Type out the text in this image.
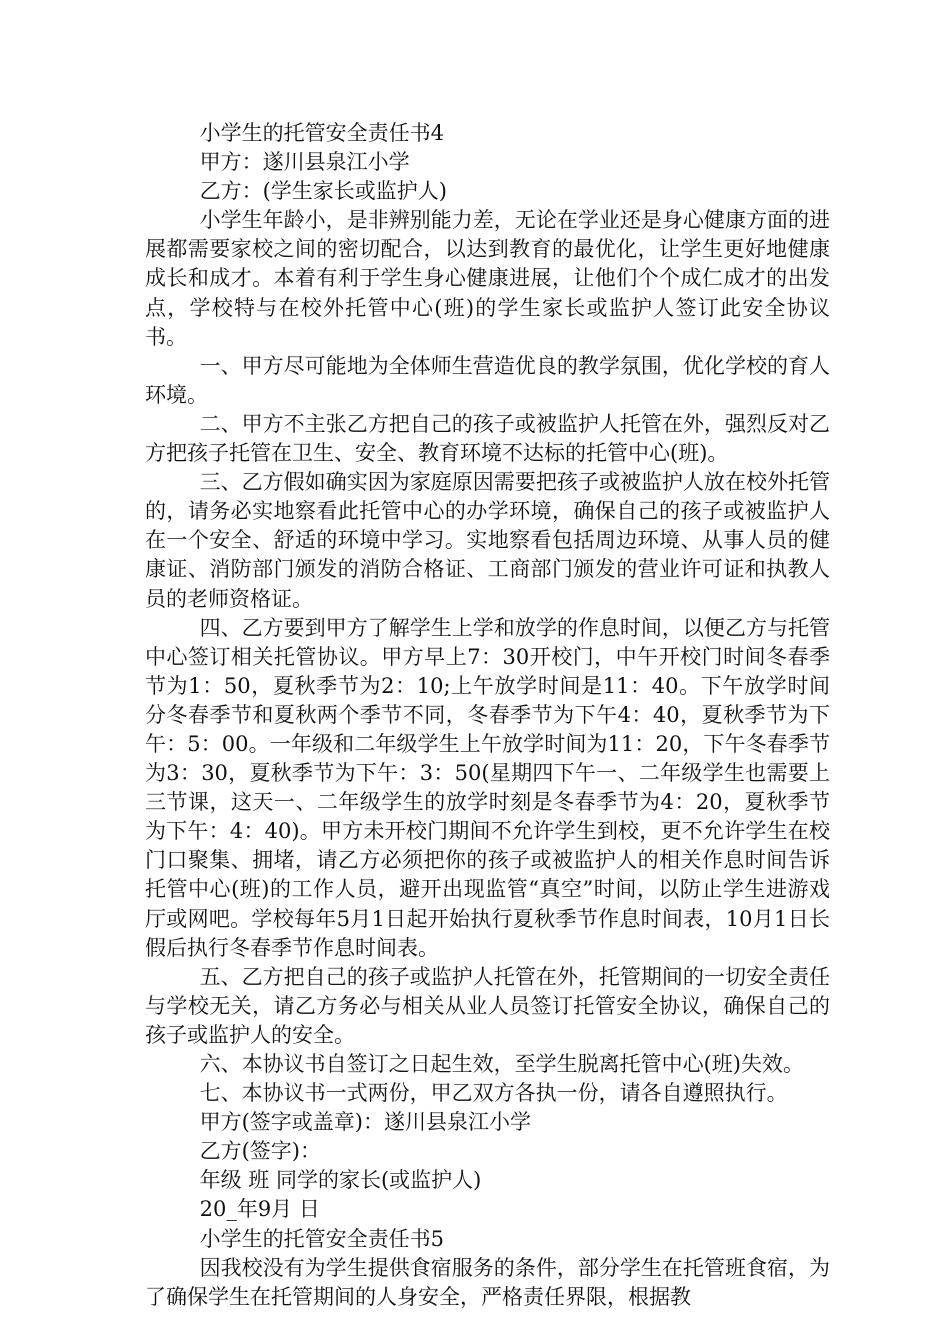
小学生的托管安全责任书4

甲方：遂川县泉江小学

乙方：(学生家长或监护人)

小学生年龄小，是非辨别能力差，无论在学业还是身心健康方面的进展都需要家校之间的密切配合，以达到教育的最优化，让学生更好地健康成长和成才。本着有利于学生身心健康进展，让他们个个成仁成才的出发点，学校特与在校外托管中心(班)的学生家长或监护人签订此安全协议书。

一、甲方尽可能地为全体师生营造优良的教学氛围，优化学校的育人环境。

二、甲方不主张乙方把自己的孩子或被监护人托管在外，强烈反对乙方把孩子托管在卫生、安全、教育环境不达标的托管中心(班)。

三、乙方假如确实因为家庭原因需要把孩子或被监护人放在校外托管的，请务必实地察看此托管中心的办学环境，确保自己的孩子或被监护人在一个安全、舒适的环境中学习。实地察看包括周边环境、从事人员的健康证、消防部门颁发的消防合格证、工商部门颁发的营业许可证和执教人员的老师资格证。

四、乙方要到甲方了解学生上学和放学的作息时间，以便乙方与托管中心签订相关托管协议。甲方早上7：30开校门，中午开校门时间冬春季节为1：50，夏秋季节为2：10;上午放学时间是11：40。下午放学时间分冬春季节和夏秋两个季节不同，冬春季节为下午4：40，夏秋季节为下午：5：00。一年级和二年级学生上午放学时间为11：20，下午冬春季节为3：30，夏秋季节为下午：3：50(星期四下午一、二年级学生也需要上三节课，这天一、二年级学生的放学时刻是冬春季节为4：20，夏秋季节为下午：4：40)。甲方未开校门期间不允许学生到校，更不允许学生在校门口聚集、拥堵，请乙方必须把你的孩子或被监护人的相关作息时间告诉托管中心(班)的工作人员，避开出现监管“真空”时间，以防止学生进游戏厅或网吧。学校每年5月1日起开始执行夏秋季节作息时间表，10月1日长假后执行冬春季节作息时间表。

五、乙方把自己的孩子或监护人托管在外，托管期间的一切安全责任与学校无关，请乙方务必与相关从业人员签订托管安全协议，确保自己的孩子或监护人的安全。

六、本协议书自签订之日起生效，至学生脱离托管中心(班)失效。

七、本协议书一式两份，甲乙双方各执一份，请各自遵照执行。

甲方(签字或盖章)：遂川县泉江小学

乙方(签字)：

年级 班 同学的家长(或监护人)

20_年9月 日

小学生的托管安全责任书5

因我校没有为学生提供食宿服务的条件，部分学生在托管班食宿，为了确保学生在托管期间的人身安全，严格责任界限，根据教
